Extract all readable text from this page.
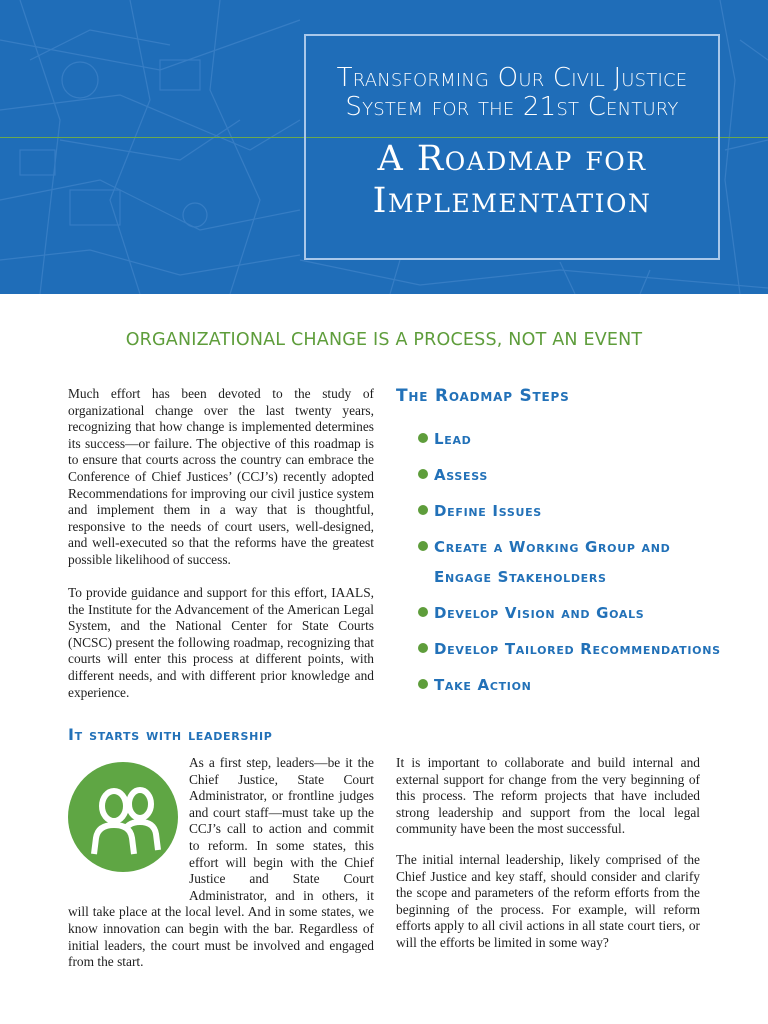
Transforming Our Civil Justice
System for the 21st Century
A Roadmap for
Implementation
ORGANIZATIONAL CHANGE IS A PROCESS, NOT AN EVENT

Much effort has been devoted to the study of organizational change over the last twenty years, recognizing that how change is implemented determines its success—or failure. The objective of this roadmap is to ensure that courts across the country can embrace the Conference of Chief Justices’ (CCJ’s) recently adopted Recommendations for improving our civil justice system and implement them in a way that is thoughtful, responsive to the needs of court users, well-designed, and well-executed so that the reforms have the greatest possible likelihood of success.

To provide guidance and support for this effort, IAALS, the Institute for the Advancement of the American Legal System, and the National Center for State Courts (NCSC) present the following roadmap, recognizing that courts will enter this process at different points, with different needs, and with different prior knowledge and experience.

The Roadmap Steps
Lead
Assess
Define Issues
Create a Working Group and
Engage Stakeholders
Develop Vision and Goals
Develop Tailored Recommendations
Take Action
It starts with leadership

As a first step, leaders—be it the Chief Justice, State Court Administrator, or frontline judges and court staff—must take up the CCJ’s call to action and commit to reform. In some states, this effort will begin with the Chief Justice and State Court Administrator, and in others, it will take place at the local level. And in some states, we know innovation can begin with the bar. Regardless of initial leaders, the court must be involved and engaged from the start.

It is important to collaborate and build internal and external support for change from the very beginning of this process. The reform projects that have included strong leadership and support from the local legal community have been the most successful.

The initial internal leadership, likely comprised of the Chief Justice and key staff, should consider and clarify the scope and parameters of the reform efforts from the beginning of the process. For example, will reform efforts apply to all civil actions in all state court tiers, or will the efforts be limited in some way?
